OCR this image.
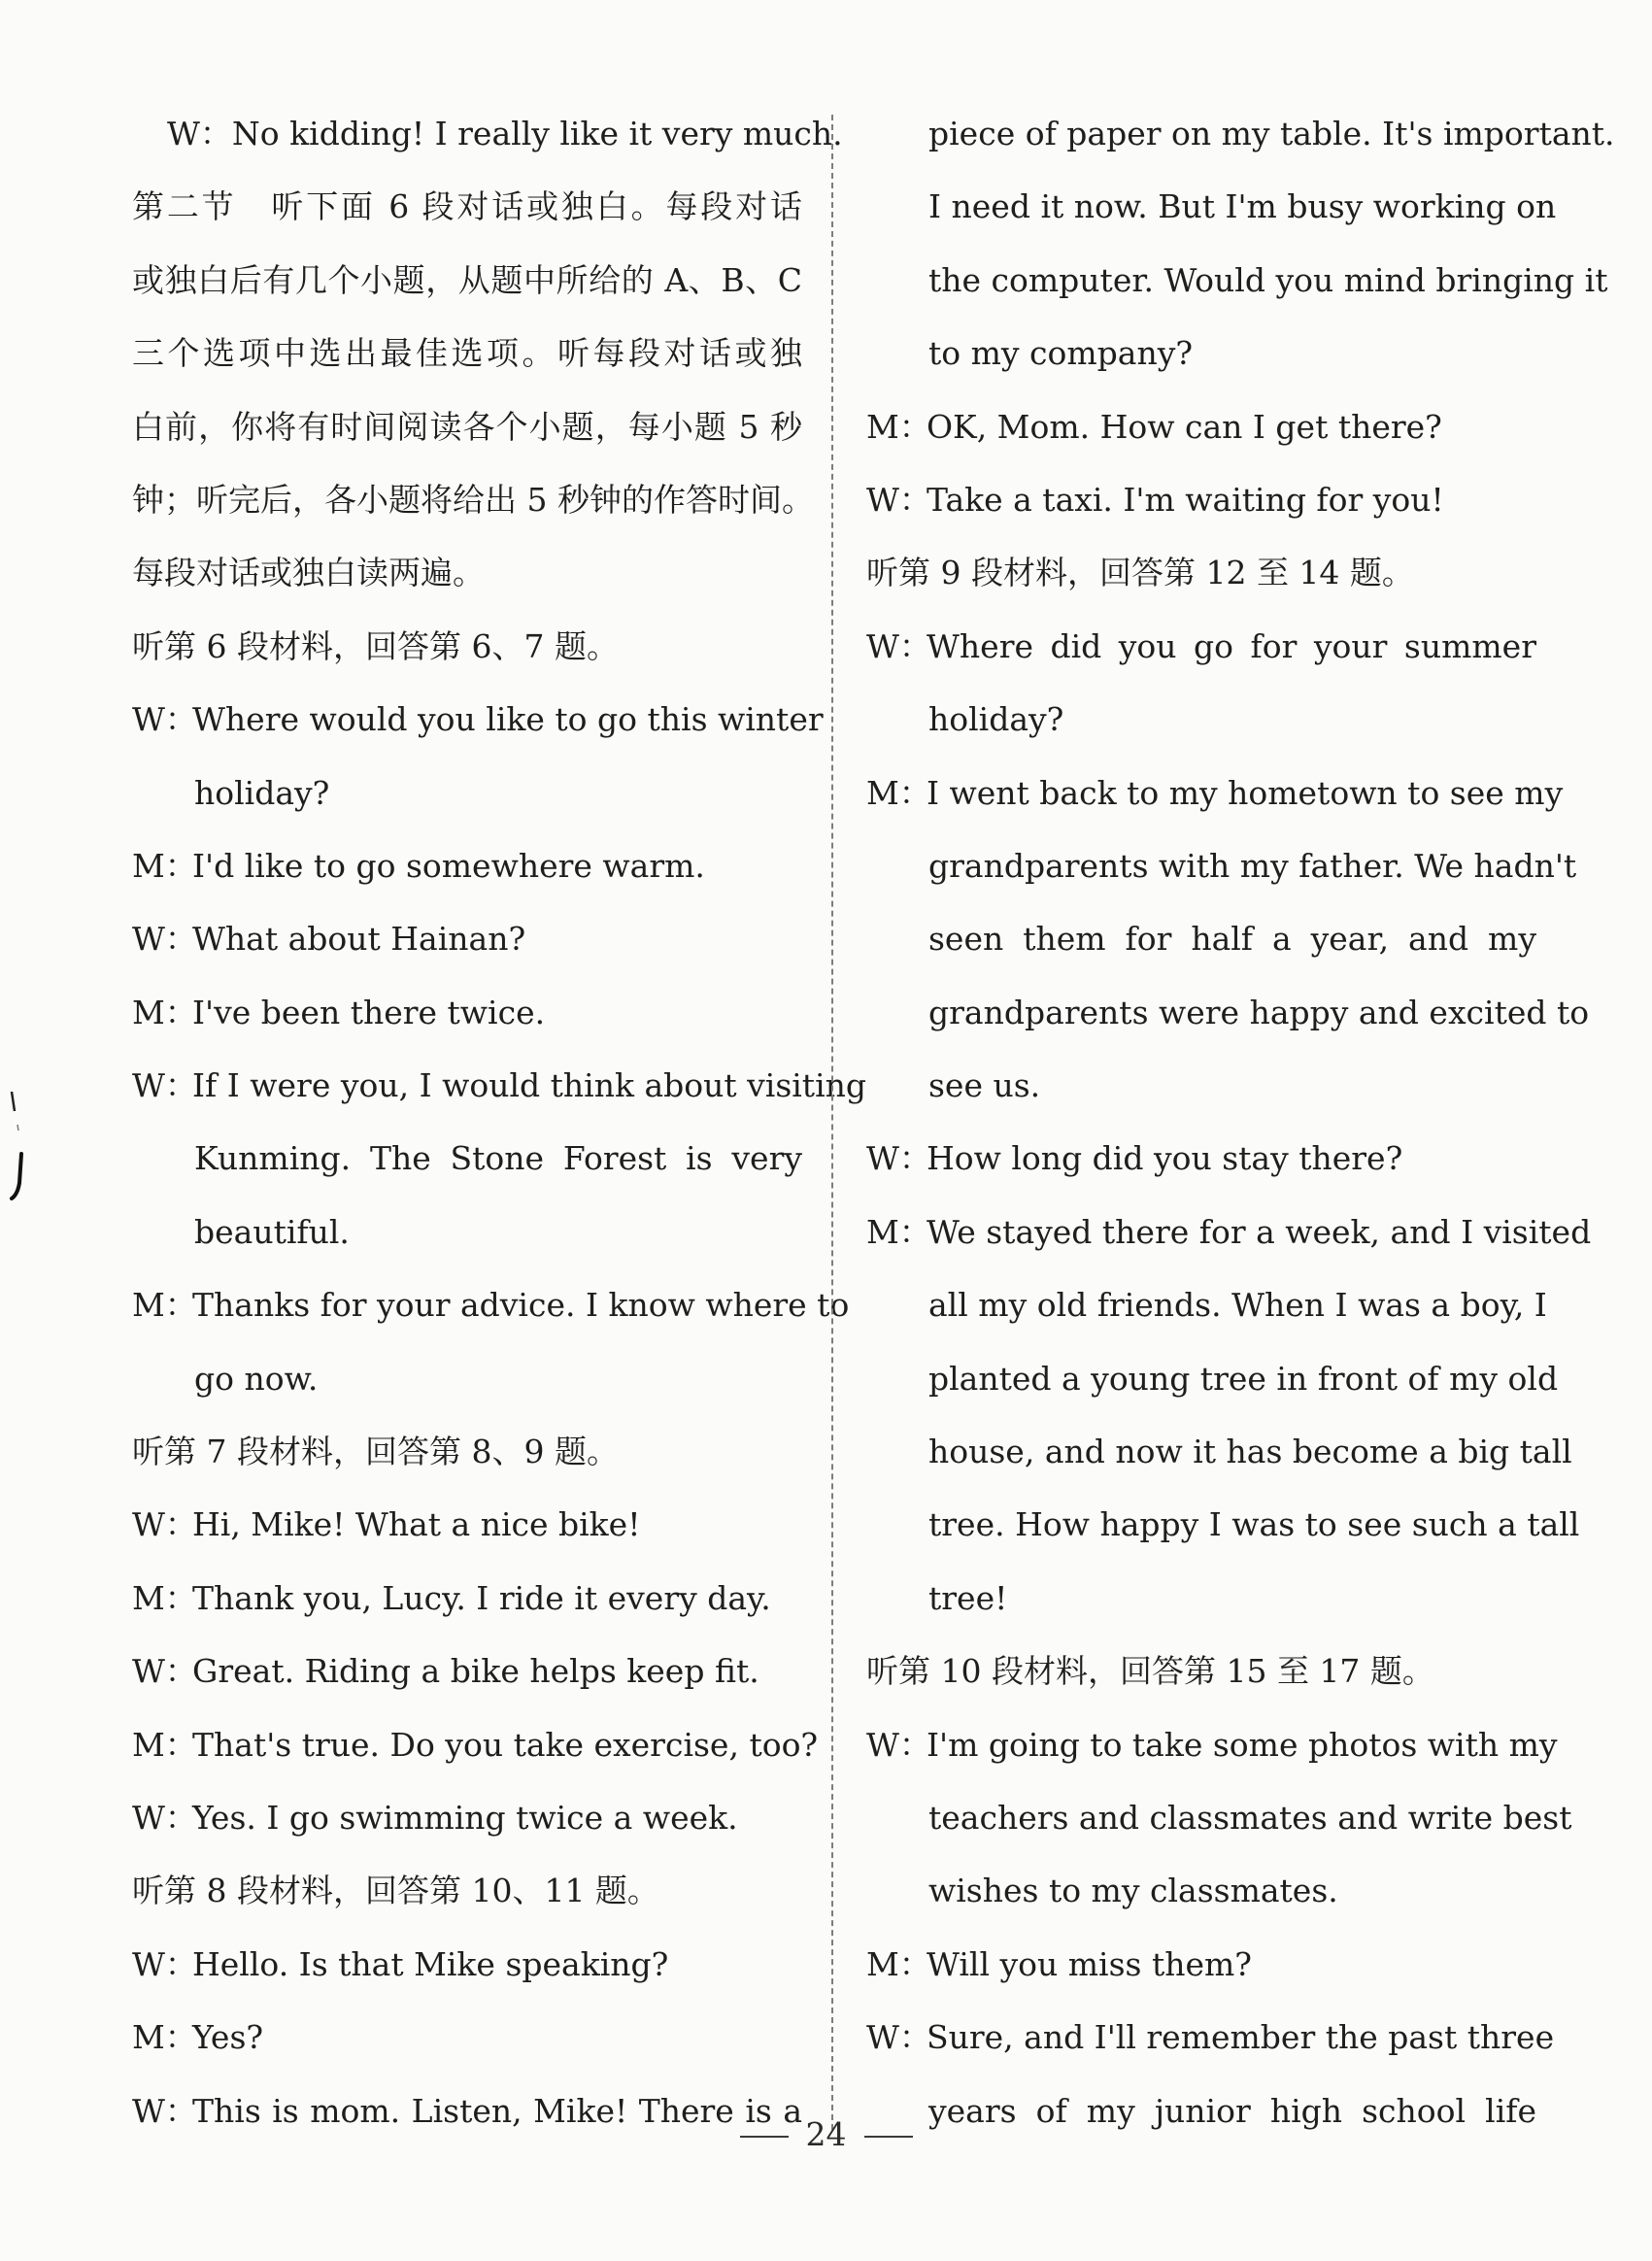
W：No kidding! I really like it very much.
第二节　听下面 6 段对话或独白。每段对话
或独白后有几个小题，从题中所给的 A、B、C
三个选项中选出最佳选项。听每段对话或独
白前，你将有时间阅读各个小题，每小题 5 秒
钟；听完后，各小题将给出 5 秒钟的作答时间。
每段对话或独白读两遍。
听第 6 段材料，回答第 6、7 题。
W：Where would you like to go this winter
holiday?
M：I'd like to go somewhere warm.
W：What about Hainan?
M：I've been there twice.
W：If I were you, I would think about visiting
Kunming. The Stone Forest is very
beautiful.
M：Thanks for your advice. I know where to
go now.
听第 7 段材料，回答第 8、9 题。
W：Hi, Mike! What a nice bike!
M：Thank you, Lucy. I ride it every day.
W：Great. Riding a bike helps keep fit.
M：That's true. Do you take exercise, too?
W：Yes. I go swimming twice a week.
听第 8 段材料，回答第 10、11 题。
W：Hello. Is that Mike speaking?
M：Yes?
W：This is mom. Listen, Mike! There is a
piece of paper on my table. It's important.
I need it now. But I'm busy working on
the computer. Would you mind bringing it
to my company?
M：OK, Mom. How can I get there?
W：Take a taxi. I'm waiting for you!
听第 9 段材料，回答第 12 至 14 题。
W：Where did you go for your summer
holiday?
M：I went back to my hometown to see my
grandparents with my father. We hadn't
seen them for half a year, and my
grandparents were happy and excited to
see us.
W：How long did you stay there?
M：We stayed there for a week, and I visited
all my old friends. When I was a boy, I
planted a young tree in front of my old
house, and now it has become a big tall
tree. How happy I was to see such a tall
tree!
听第 10 段材料，回答第 15 至 17 题。
W：I'm going to take some photos with my
teachers and classmates and write best
wishes to my classmates.
M：Will you miss them?
W：Sure, and I'll remember the past three
years of my junior high school life
24
